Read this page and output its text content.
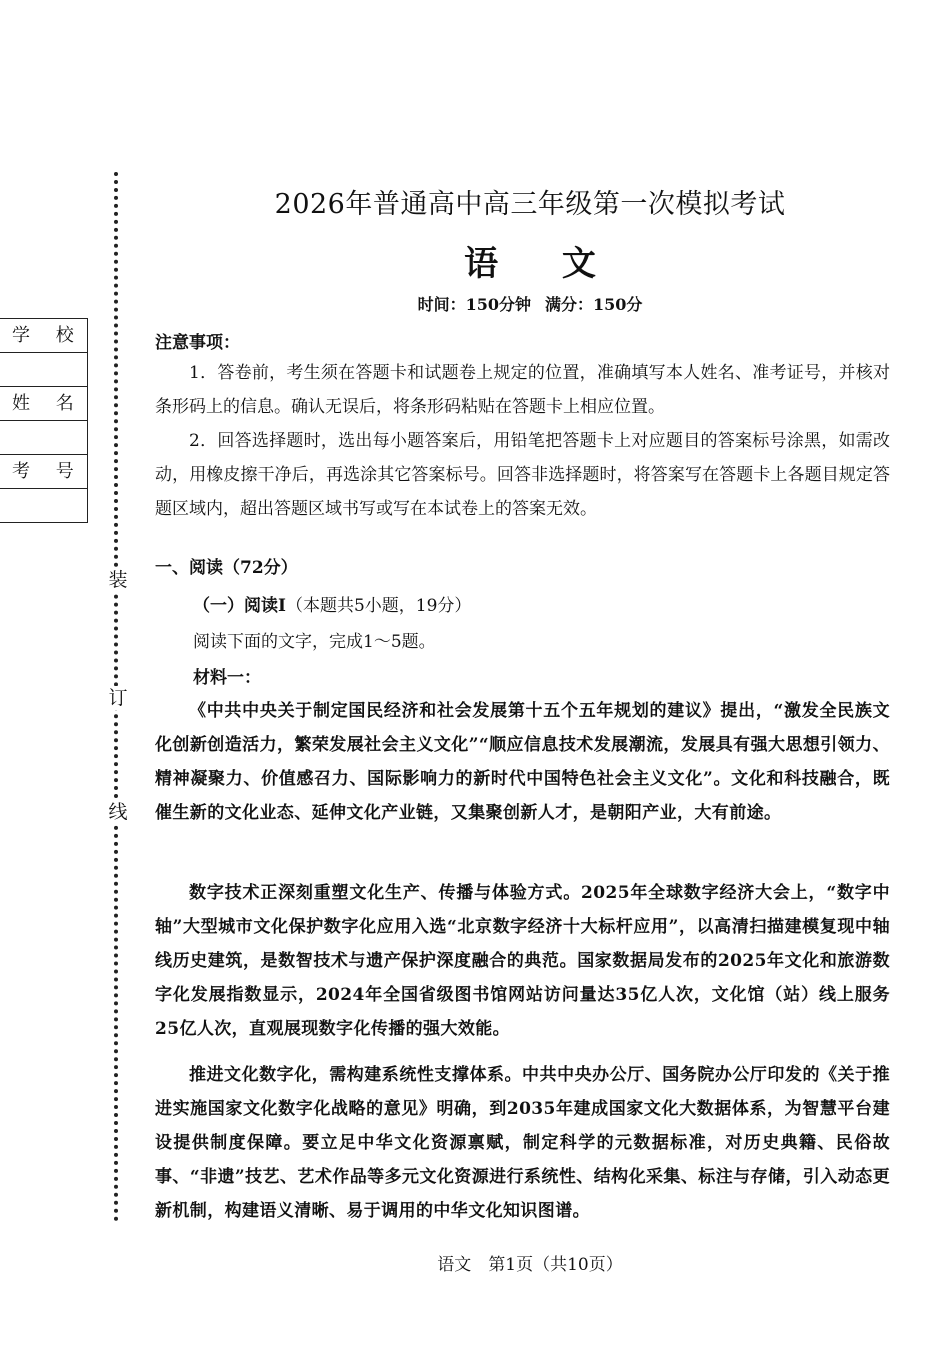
装
订
线
学 校
姓 名
考 号
2026年普通高中高三年级第一次模拟考试
语 文
时间：150分钟 满分：150分
注意事项：
1．答卷前，考生须在答题卡和试题卷上规定的位置，准确填写本人姓名、准考证号，并核对条形码上的信息。确认无误后，将条形码粘贴在答题卡上相应位置。
2．回答选择题时，选出每小题答案后，用铅笔把答题卡上对应题目的答案标号涂黑，如需改动，用橡皮擦干净后，再选涂其它答案标号。回答非选择题时，将答案写在答题卡上各题目规定答题区域内，超出答题区域书写或写在本试卷上的答案无效。
一、阅读（72分）
（一）阅读Ⅰ（本题共5小题，19分）
阅读下面的文字，完成1～5题。
材料一：
《中共中央关于制定国民经济和社会发展第十五个五年规划的建议》提出，“激发全民族文化创新创造活力，繁荣发展社会主义文化”“顺应信息技术发展潮流，发展具有强大思想引领力、精神凝聚力、价值感召力、国际影响力的新时代中国特色社会主义文化”。文化和科技融合，既催生新的文化业态、延伸文化产业链，又集聚创新人才，是朝阳产业，大有前途。
数字技术正深刻重塑文化生产、传播与体验方式。2025年全球数字经济大会上，“数字中轴”大型城市文化保护数字化应用入选“北京数字经济十大标杆应用”，以高清扫描建模复现中轴线历史建筑，是数智技术与遗产保护深度融合的典范。国家数据局发布的2025年文化和旅游数字化发展指数显示，2024年全国省级图书馆网站访问量达35亿人次，文化馆（站）线上服务25亿人次，直观展现数字化传播的强大效能。
推进文化数字化，需构建系统性支撑体系。中共中央办公厅、国务院办公厅印发的《关于推进实施国家文化数字化战略的意见》明确，到2035年建成国家文化大数据体系，为智慧平台建设提供制度保障。要立足中华文化资源禀赋，制定科学的元数据标准，对历史典籍、民俗故事、“非遗”技艺、艺术作品等多元文化资源进行系统性、结构化采集、标注与存储，引入动态更新机制，构建语义清晰、易于调用的中华文化知识图谱。
语文　第1页（共10页）
